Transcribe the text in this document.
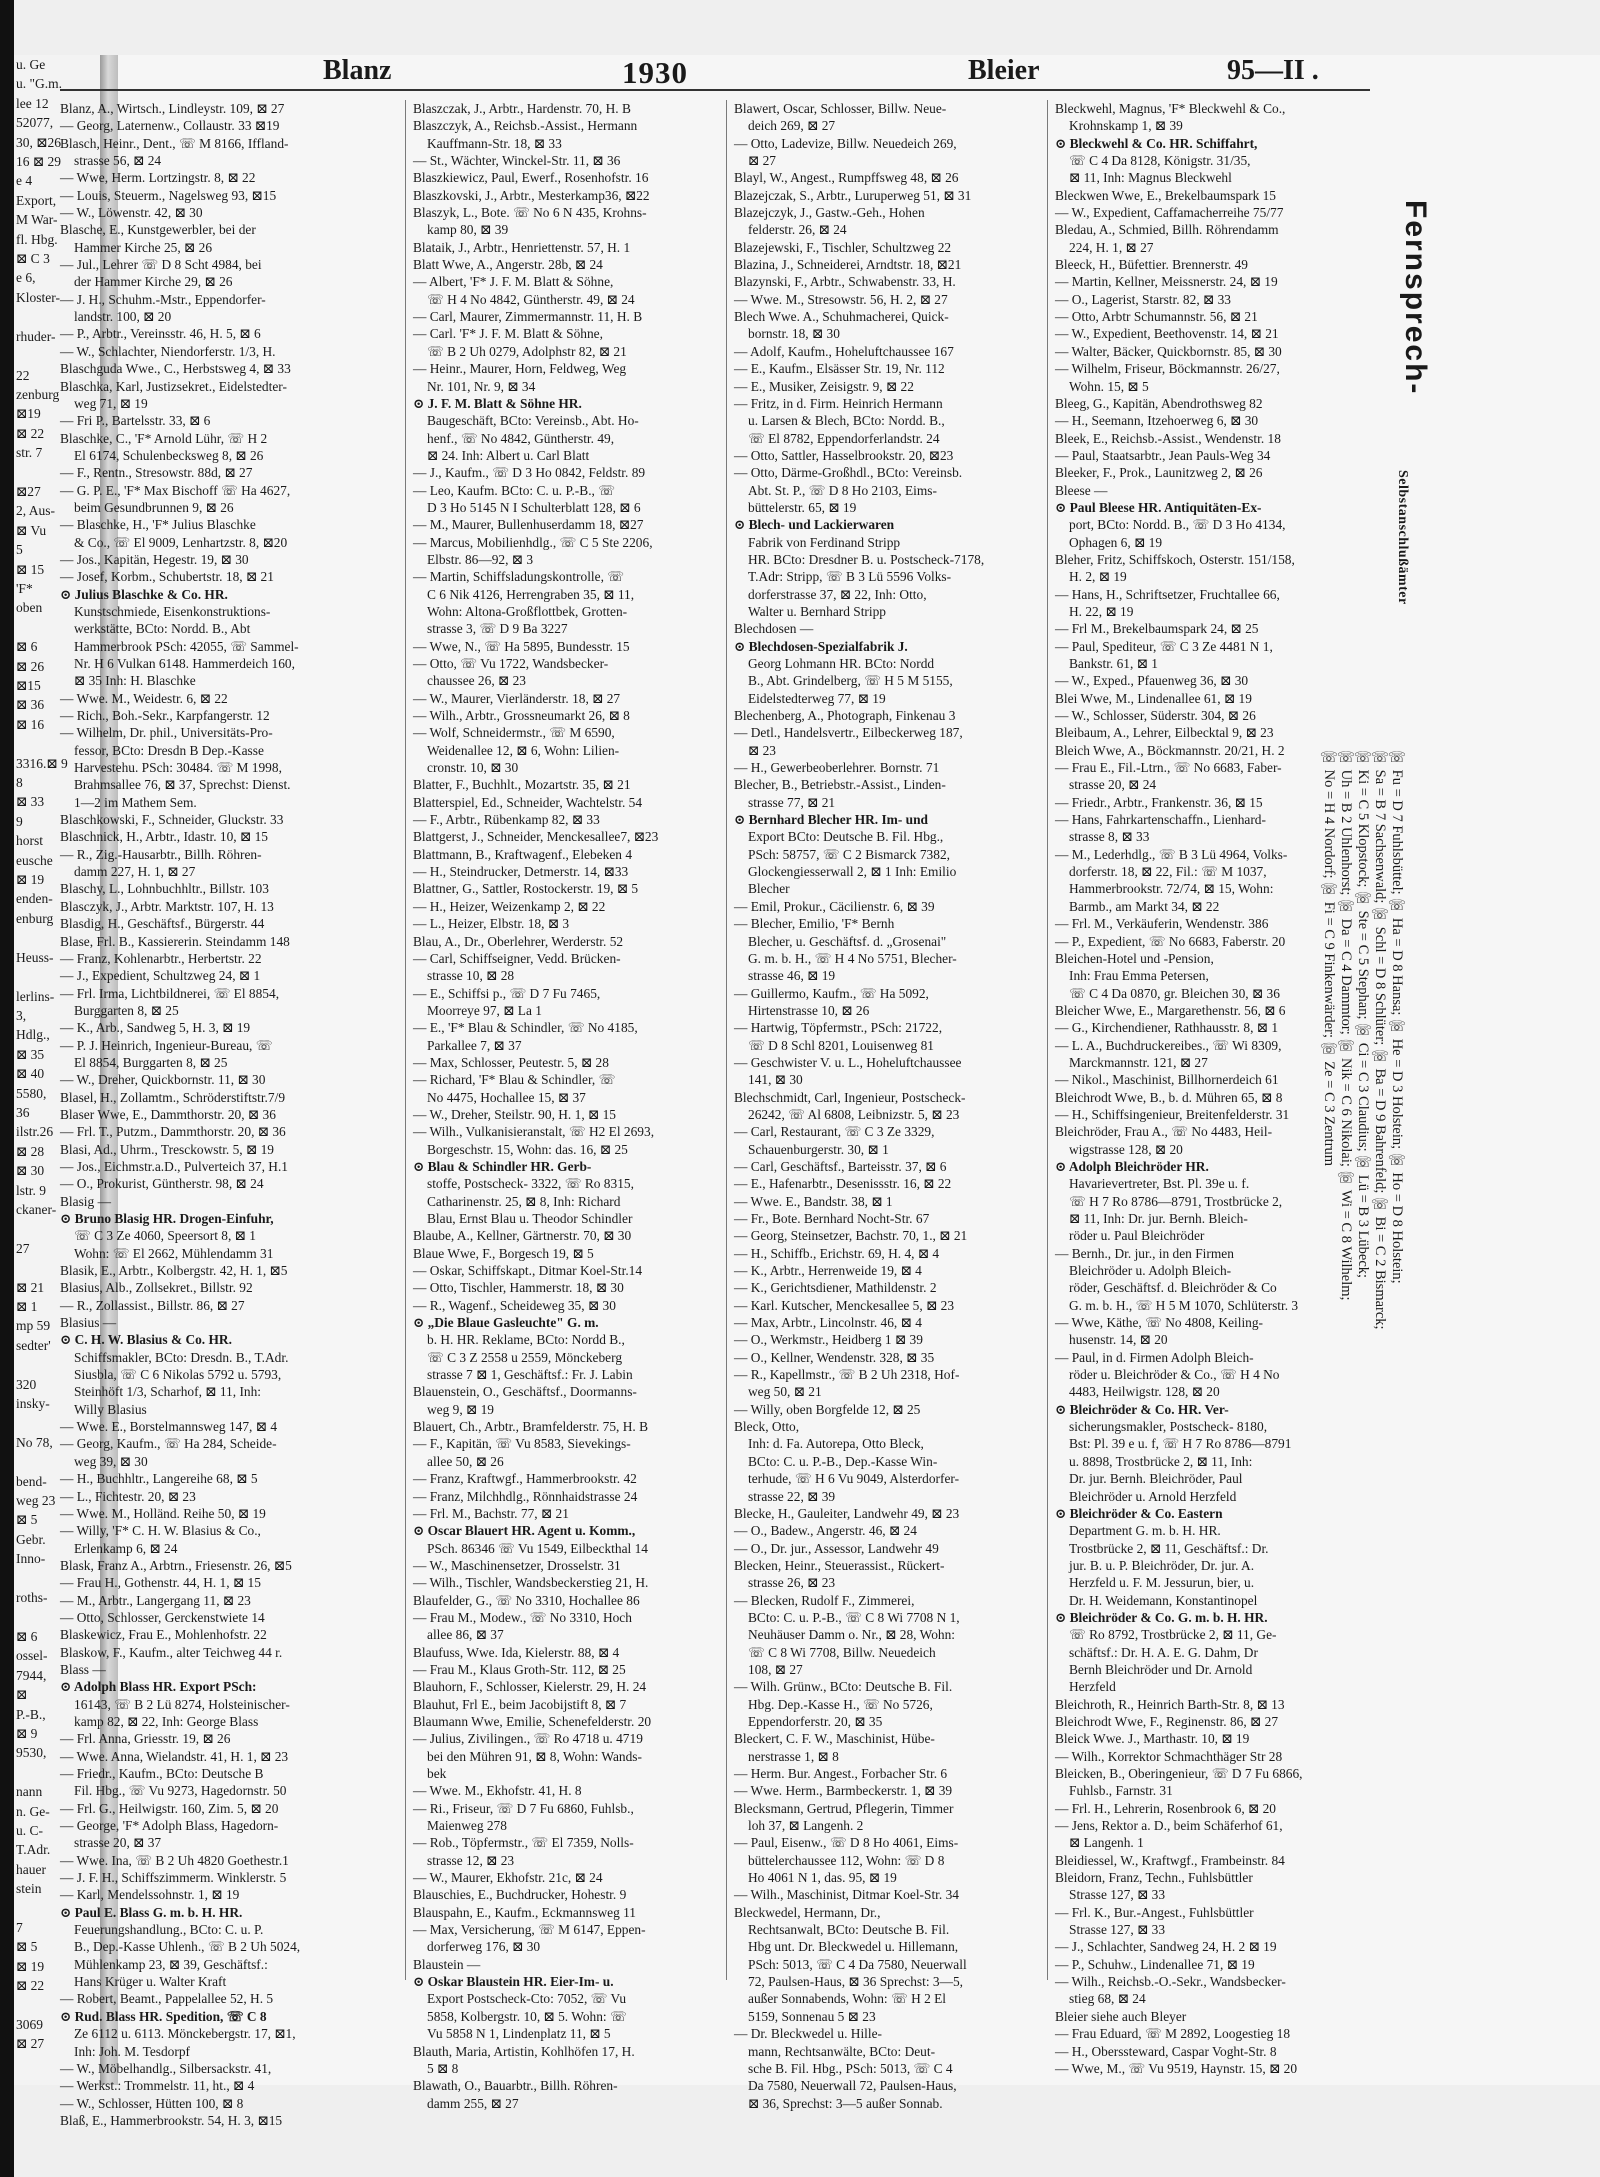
u. Ge
u. "G.m.
lee 12
52077,
30, ⊠26
16 ⊠ 29
e 4
Export,
M War-
fl. Hbg.
⊠ C 3
e 6,
Kloster-

rhuder-

22
zenburg
⊠19
⊠ 22
str. 7

⊠27
2, Aus-
⊠ Vu
5
⊠ 15
'F*
oben

⊠ 6
⊠ 26
⊠15
⊠ 36
⊠ 16

3316.⊠ 9
8
⊠ 33
9
horst
eusche
⊠ 19
enden-
enburg

Heuss-

lerlins-
3,
Hdlg.,
⊠ 35
⊠ 40
5580,
36
ilstr.26
⊠ 28
⊠ 30
lstr. 9
ckaner-

27

⊠ 21
⊠ 1
mp 59
sedter'

320
insky-

No 78,

bend-
weg 23
⊠ 5
Gebr.
Inno-

roths-

⊠ 6
ossel-
7944,
⊠
P.-B.,
⊠ 9
9530,

nann
n. Ge-
u. C-
T.Adr.
hauer
stein

7
⊠ 5
⊠ 19
⊠ 22

3069
⊠ 27
Blanz	1930	Bleier	95—II .
Blanz, A., Wirtsch., Lindleystr. 109, ⊠ 27
— Georg, Laternenw., Collaustr. 33 ⊠19
Blasch, Heinr., Dent., ☏ M 8166, Iffland-
strasse 56, ⊠ 24
— Wwe, Herm. Lortzingstr. 8, ⊠ 22
— Louis, Steuerm., Nagelsweg 93, ⊠15
— W., Löwenstr. 42, ⊠ 30
Blasche, E., Kunstgewerbler, bei der
Hammer Kirche 25, ⊠ 26
— Jul., Lehrer ☏ D 8 Scht 4984, bei
der Hammer Kirche 29, ⊠ 26
— J. H., Schuhm.-Mstr., Eppendorfer-
landstr. 100, ⊠ 20
— P., Arbtr., Vereinsstr. 46, H. 5, ⊠ 6
— W., Schlachter, Niendorferstr. 1/3, H.
Blaschguda Wwe., C., Herbstsweg 4, ⊠ 33
Blaschka, Karl, Justizsekret., Eidelstedter-
weg 71, ⊠ 19
— Fri P., Bartelsstr. 33, ⊠ 6
Blaschke, C., 'F* Arnold Lühr, ☏ H 2
El 6174, Schulenbecksweg 8, ⊠ 26
— F., Rentn., Stresowstr. 88d, ⊠ 27
— G. P. E., 'F* Max Bischoff ☏ Ha 4627,
beim Gesundbrunnen 9, ⊠ 26
— Blaschke, H., 'F* Julius Blaschke
& Co., ☏ El 9009, Lenhartzstr. 8, ⊠20
— Jos., Kapitän, Hegestr. 19, ⊠ 30
— Josef, Korbm., Schubertstr. 18, ⊠ 21
⊙ Julius Blaschke & Co. HR.
Kunstschmiede, Eisenkonstruktions-
werkstätte, BCto: Nordd. B., Abt
Hammerbrook PSch: 42055, ☏ Sammel-
Nr. H 6 Vulkan 6148. Hammerdeich 160,
⊠ 35 Inh: H. Blaschke
— Wwe. M., Weidestr. 6, ⊠ 22
— Rich., Boh.-Sekr., Karpfangerstr. 12
— Wilhelm, Dr. phil., Universitäts-Pro-
fessor, BCto: Dresdn B Dep.-Kasse
Harvestehu. PSch: 30484. ☏ M 1998,
Brahmsallee 76, ⊠ 37, Sprechst: Dienst.
1—2 im Mathem Sem.
Blaschkowski, F., Schneider, Gluckstr. 33
Blaschnick, H., Arbtr., Idastr. 10, ⊠ 15
— R., Zig.-Hausarbtr., Billh. Röhren-
damm 227, H. 1, ⊠ 27
Blaschy, L., Lohnbuchhltr., Billstr. 103
Blasczyk, J., Arbtr. Marktstr. 107, H. 13
Blasdig, H., Geschäftsf., Bürgerstr. 44
Blase, Frl. B., Kassiererin. Steindamm 148
— Franz, Kohlenarbtr., Herbertstr. 22
— J., Expedient, Schultzweg 24, ⊠ 1
— Frl. Irma, Lichtbildnerei, ☏ El 8854,
Burggarten 8, ⊠ 25
— K., Arb., Sandweg 5, H. 3, ⊠ 19
— P. J. Heinrich, Ingenieur-Bureau, ☏
El 8854, Burggarten 8, ⊠ 25
— W., Dreher, Quickbornstr. 11, ⊠ 30
Blasel, H., Zollamtm., Schröderstiftstr.7/9
Blaser Wwe, E., Dammthorstr. 20, ⊠ 36
— Frl. T., Putzm., Dammthorstr. 20, ⊠ 36
Blasi, Ad., Uhrm., Tresckowstr. 5, ⊠ 19
— Jos., Eichmstr.a.D., Pulverteich 37, H.1
— O., Prokurist, Güntherstr. 98, ⊠ 24
Blasig —
⊙ Bruno Blasig HR. Drogen-Einfuhr,
☏ C 3 Ze 4060, Speersort 8, ⊠ 1
Wohn: ☏ El 2662, Mühlendamm 31
Blasik, E., Arbtr., Kolbergstr. 42, H. 1, ⊠5
Blasius, Alb., Zollsekret., Billstr. 92
— R., Zollassist., Billstr. 86, ⊠ 27
Blasius —
⊙ C. H. W. Blasius & Co. HR.
Schiffsmakler, BCto: Dresdn. B., T.Adr.
Siusbla, ☏ C 6 Nikolas 5792 u. 5793,
Steinhöft 1/3, Scharhof, ⊠ 11, Inh:
Willy Blasius
— Wwe. E., Borstelmannsweg 147, ⊠ 4
— Georg, Kaufm., ☏ Ha 284, Scheide-
weg 39, ⊠ 30
— H., Buchhltr., Langereihe 68, ⊠ 5
— L., Fichtestr. 20, ⊠ 23
— Wwe. M., Holländ. Reihe 50, ⊠ 19
— Willy, 'F* C. H. W. Blasius & Co.,
Erlenkamp 6, ⊠ 24
Blask, Franz A., Arbtrn., Friesenstr. 26, ⊠5
— Frau H., Gothenstr. 44, H. 1, ⊠ 15
— M., Arbtr., Langergang 11, ⊠ 23
— Otto, Schlosser, Gerckenstwiete 14
Blaskewicz, Frau E., Mohlenhofstr. 22
Blaskow, F., Kaufm., alter Teichweg 44 r.
Blass —
⊙ Adolph Blass HR. Export PSch:
16143, ☏ B 2 Lü 8274, Holsteinischer-
kamp 82, ⊠ 22, Inh: George Blass
— Frl. Anna, Griesstr. 19, ⊠ 26
— Wwe. Anna, Wielandstr. 41, H. 1, ⊠ 23
— Friedr., Kaufm., BCto: Deutsche B
Fil. Hbg., ☏ Vu 9273, Hagedornstr. 50
— Frl. G., Heilwigstr. 160, Zim. 5, ⊠ 20
— George, 'F* Adolph Blass, Hagedorn-
strasse 20, ⊠ 37
— Wwe. Ina, ☏ B 2 Uh 4820 Goethestr.1
— J. F. H., Schiffszimmerm. Winklerstr. 5
— Karl, Mendelssohnstr. 1, ⊠ 19
⊙ Paul E. Blass G. m. b. H. HR.
Feuerungshandlung., BCto: C. u. P.
B., Dep.-Kasse Uhlenh., ☏ B 2 Uh 5024,
Mühlenkamp 23, ⊠ 39, Geschäftsf.:
Hans Krüger u. Walter Kraft
— Robert, Beamt., Pappelallee 52, H. 5
⊙ Rud. Blass HR. Spedition, ☏ C 8
Ze 6112 u. 6113. Mönckebergstr. 17, ⊠1,
Inh: Joh. M. Tesdorpf
— W., Möbelhandlg., Silbersackstr. 41,
— Werkst.: Trommelstr. 11, ht., ⊠ 4
— W., Schlosser, Hütten 100, ⊠ 8
Blaß, E., Hammerbrookstr. 54, H. 3, ⊠15
Blaszczak, J., Arbtr., Hardenstr. 70, H. B
Blaszczyk, A., Reichsb.-Assist., Hermann
Kauffmann-Str. 18, ⊠ 33
— St., Wächter, Winckel-Str. 11, ⊠ 36
Blaszkiewicz, Paul, Ewerf., Rosenhofstr. 16
Blaszkovski, J., Arbtr., Mesterkamp36, ⊠22
Blaszyk, L., Bote. ☏ No 6 N 435, Krohns-
kamp 80, ⊠ 39
Blataik, J., Arbtr., Henriettenstr. 57, H. 1
Blatt Wwe, A., Angerstr. 28b, ⊠ 24
— Albert, 'F* J. F. M. Blatt & Söhne,
☏ H 4 No 4842, Güntherstr. 49, ⊠ 24
— Carl, Maurer, Zimmermannstr. 11, H. B
— Carl. 'F* J. F. M. Blatt & Söhne,
☏ B 2 Uh 0279, Adolphstr 82, ⊠ 21
— Heinr., Maurer, Horn, Feldweg, Weg
Nr. 101, Nr. 9, ⊠ 34
⊙ J. F. M. Blatt & Söhne HR.
Baugeschäft, BCto: Vereinsb., Abt. Ho-
henf., ☏ No 4842, Güntherstr. 49,
⊠ 24. Inh: Albert u. Carl Blatt
— J., Kaufm., ☏ D 3 Ho 0842, Feldstr. 89
— Leo, Kaufm. BCto: C. u. P.-B., ☏
D 3 Ho 5145 N I Schulterblatt 128, ⊠ 6
— M., Maurer, Bullenhuserdamm 18, ⊠27
— Marcus, Mobilienhdlg., ☏ C 5 Ste 2206,
Elbstr. 86—92, ⊠ 3
— Martin, Schiffsladungskontrolle, ☏
C 6 Nik 4126, Herrengraben 35, ⊠ 11,
Wohn: Altona-Großflottbek, Grotten-
strasse 3, ☏ D 9 Ba 3227
— Wwe, N., ☏ Ha 5895, Bundesstr. 15
— Otto, ☏ Vu 1722, Wandsbecker-
chaussee 26, ⊠ 23
— W., Maurer, Vierländerstr. 18, ⊠ 27
— Wilh., Arbtr., Grossneumarkt 26, ⊠ 8
— Wolf, Schneidermstr., ☏ M 6590,
Weidenallee 12, ⊠ 6, Wohn: Lilien-
cronstr. 10, ⊠ 30
Blatter, F., Buchhlt., Mozartstr. 35, ⊠ 21
Blatterspiel, Ed., Schneider, Wachtelstr. 54
— F., Arbtr., Rübenkamp 82, ⊠ 33
Blattgerst, J., Schneider, Menckesallee7, ⊠23
Blattmann, B., Kraftwagenf., Elebeken 4
— H., Steindrucker, Detmerstr. 14, ⊠33
Blattner, G., Sattler, Rostockerstr. 19, ⊠ 5
— H., Heizer, Weizenkamp 2, ⊠ 22
— L., Heizer, Elbstr. 18, ⊠ 3
Blau, A., Dr., Oberlehrer, Werderstr. 52
— Carl, Schiffseigner, Vedd. Brücken-
strasse 10, ⊠ 28
— E., Schiffsi p., ☏ D 7 Fu 7465,
Moorreye 97, ⊠ La 1
— E., 'F* Blau & Schindler, ☏ No 4185,
Parkallee 7, ⊠ 37
— Max, Schlosser, Peutestr. 5, ⊠ 28
— Richard, 'F* Blau & Schindler, ☏
No 4475, Hochallee 15, ⊠ 37
— W., Dreher, Steilstr. 90, H. 1, ⊠ 15
— Wilh., Vulkanisieranstalt, ☏ H2 El 2693,
Borgeschstr. 15, Wohn: das. 16, ⊠ 25
⊙ Blau & Schindler HR. Gerb-
stoffe, Postscheck- 3322, ☏ Ro 8315,
Catharinenstr. 25, ⊠ 8, Inh: Richard
Blau, Ernst Blau u. Theodor Schindler
Blaube, A., Kellner, Gärtnerstr. 70, ⊠ 30
Blaue Wwe, F., Borgesch 19, ⊠ 5
— Oskar, Schiffskapt., Ditmar Koel-Str.14
— Otto, Tischler, Hammerstr. 18, ⊠ 30
— R., Wagenf., Scheideweg 35, ⊠ 30
⊙ „Die Blaue Gasleuchte" G. m.
b. H. HR. Reklame, BCto: Nordd B.,
☏ C 3 Z 2558 u 2559, Mönckeberg
strasse 7 ⊠ 1, Geschäftsf.: Fr. J. Labin
Blauenstein, O., Geschäftsf., Doormanns-
weg 9, ⊠ 19
Blauert, Ch., Arbtr., Bramfelderstr. 75, H. B
— F., Kapitän, ☏ Vu 8583, Sievekings-
allee 50, ⊠ 26
— Franz, Kraftwgf., Hammerbrookstr. 42
— Franz, Milchhdlg., Rönnhaidstrasse 24
— Frl. M., Bachstr. 77, ⊠ 21
⊙ Oscar Blauert HR. Agent u. Komm.,
PSch. 86346 ☏ Vu 1549, Eilbeckthal 14
— W., Maschinensetzer, Drosselstr. 31
— Wilh., Tischler, Wandsbeckerstieg 21, H.
Blaufelder, G., ☏ No 3310, Hochallee 86
— Frau M., Modew., ☏ No 3310, Hoch
allee 86, ⊠ 37
Blaufuss, Wwe. Ida, Kielerstr. 88, ⊠ 4
— Frau M., Klaus Groth-Str. 112, ⊠ 25
Blauhorn, F., Schlosser, Kielerstr. 29, H. 24
Blauhut, Frl E., beim Jacobijstift 8, ⊠ 7
Blaumann Wwe, Emilie, Schenefelderstr. 20
— Julius, Zivilingen., ☏ Ro 4718 u. 4719
bei den Mühren 91, ⊠ 8, Wohn: Wands-
bek
— Wwe. M., Ekhofstr. 41, H. 8
— Ri., Friseur, ☏ D 7 Fu 6860, Fuhlsb.,
Maienweg 278
— Rob., Töpfermstr., ☏ El 7359, Nolls-
strasse 12, ⊠ 23
— W., Maurer, Ekhofstr. 21c, ⊠ 24
Blauschies, E., Buchdrucker, Hohestr. 9
Blauspahn, E., Kaufm., Eckmannsweg 11
— Max, Versicherung, ☏ M 6147, Eppen-
dorferweg 176, ⊠ 30
Blaustein —
⊙ Oskar Blaustein HR. Eier-Im- u.
Export Postscheck-Cto: 7052, ☏ Vu
5858, Kolbergstr. 10, ⊠ 5. Wohn: ☏
Vu 5858 N 1, Lindenplatz 11, ⊠ 5
Blauth, Maria, Artistin, Kohlhöfen 17, H.
5 ⊠ 8
Blawath, O., Bauarbtr., Billh. Röhren-
damm 255, ⊠ 27
Blawert, Oscar, Schlosser, Billw. Neue-
deich 269, ⊠ 27
— Otto, Ladevize, Billw. Neuedeich 269,
⊠ 27
Blayl, W., Angest., Rumpffsweg 48, ⊠ 26
Blazejczak, S., Arbtr., Luruperweg 51, ⊠ 31
Blazejczyk, J., Gastw.-Geh., Hohen
felderstr. 26, ⊠ 24
Blazejewski, F., Tischler, Schultzweg 22
Blazina, J., Schneiderei, Arndtstr. 18, ⊠21
Blazynski, F., Arbtr., Schwabenstr. 33, H.
— Wwe. M., Stresowstr. 56, H. 2, ⊠ 27
Blech Wwe. A., Schuhmacherei, Quick-
bornstr. 18, ⊠ 30
— Adolf, Kaufm., Hoheluftchaussee 167
— E., Kaufm., Elsässer Str. 19, Nr. 112
— E., Musiker, Zeisigstr. 9, ⊠ 22
— Fritz, in d. Firm. Heinrich Hermann
u. Larsen & Blech, BCto: Nordd. B.,
☏ El 8782, Eppendorferlandstr. 24
— Otto, Sattler, Hasselbrookstr. 20, ⊠23
— Otto, Därme-Großhdl., BCto: Vereinsb.
Abt. St. P., ☏ D 8 Ho 2103, Eims-
büttelerstr. 65, ⊠ 19
⊙ Blech- und Lackierwaren
Fabrik von Ferdinand Stripp
HR. BCto: Dresdner B. u. Postscheck-7178,
T.Adr: Stripp, ☏ B 3 Lü 5596 Volks-
dorferstrasse 37, ⊠ 22, Inh: Otto,
Walter u. Bernhard Stripp
Blechdosen —
⊙ Blechdosen-Spezialfabrik J.
Georg Lohmann HR. BCto: Nordd
B., Abt. Grindelberg, ☏ H 5 M 5155,
Eidelstedterweg 77, ⊠ 19
Blechenberg, A., Photograph, Finkenau 3
— Detl., Handelsvertr., Eilbeckerweg 187,
⊠ 23
— H., Gewerbeoberlehrer. Bornstr. 71
Blecher, B., Betriebstr.-Assist., Linden-
strasse 77, ⊠ 21
⊙ Bernhard Blecher HR. Im- und
Export BCto: Deutsche B. Fil. Hbg.,
PSch: 58757, ☏ C 2 Bismarck 7382,
Glockengiesserwall 2, ⊠ 1 Inh: Emilio
Blecher
— Emil, Prokur., Cäcilienstr. 6, ⊠ 39
— Blecher, Emilio, 'F* Bernh
Blecher, u. Geschäftsf. d. „Grosenai"
G. m. b. H., ☏ H 4 No 5751, Blecher-
strasse 46, ⊠ 19
— Guillermo, Kaufm., ☏ Ha 5092,
Hirtenstrasse 10, ⊠ 26
— Hartwig, Töpfermstr., PSch: 21722,
☏ D 8 Schl 8201, Louisenweg 81
— Geschwister V. u. L., Hoheluftchaussee
141, ⊠ 30
Blechschmidt, Carl, Ingenieur, Postscheck-
26242, ☏ Al 6808, Leibnizstr. 5, ⊠ 23
— Carl, Restaurant, ☏ C 3 Ze 3329,
Schauenburgerstr. 30, ⊠ 1
— Carl, Geschäftsf., Barteisstr. 37, ⊠ 6
— E., Hafenarbtr., Desenissstr. 16, ⊠ 22
— Wwe. E., Bandstr. 38, ⊠ 1
— Fr., Bote. Bernhard Nocht-Str. 67
— Georg, Steinsetzer, Bachstr. 70, 1., ⊠ 21
— H., Schiffb., Erichstr. 69, H. 4, ⊠ 4
— K., Arbtr., Herrenweide 19, ⊠ 4
— K., Gerichtsdiener, Mathildenstr. 2
— Karl. Kutscher, Menckesallee 5, ⊠ 23
— Max, Arbtr., Lincolnstr. 46, ⊠ 4
— O., Werkmstr., Heidberg 1 ⊠ 39
— O., Kellner, Wendenstr. 328, ⊠ 35
— R., Kapellmstr., ☏ B 2 Uh 2318, Hof-
weg 50, ⊠ 21
— Willy, oben Borgfelde 12, ⊠ 25
Bleck, Otto,
Inh: d. Fa. Autorepa, Otto Bleck,
BCto: C. u. P.-B., Dep.-Kasse Win-
terhude, ☏ H 6 Vu 9049, Alsterdorfer-
strasse 22, ⊠ 39
Blecke, H., Gauleiter, Landwehr 49, ⊠ 23
— O., Badew., Angerstr. 46, ⊠ 24
— O., Dr. jur., Assessor, Landwehr 49
Blecken, Heinr., Steuerassist., Rückert-
strasse 26, ⊠ 23
— Blecken, Rudolf F., Zimmerei,
BCto: C. u. P.-B., ☏ C 8 Wi 7708 N 1,
Neuhäuser Damm o. Nr., ⊠ 28, Wohn:
☏ C 8 Wi 7708, Billw. Neuedeich
108, ⊠ 27
— Wilh. Grünw., BCto: Deutsche B. Fil.
Hbg. Dep.-Kasse H., ☏ No 5726,
Eppendorferstr. 20, ⊠ 35
Bleckert, C. F. W., Maschinist, Hübe-
nerstrasse 1, ⊠ 8
— Herm. Bur. Angest., Forbacher Str. 6
— Wwe. Herm., Barmbeckerstr. 1, ⊠ 39
Blecksmann, Gertrud, Pflegerin, Timmer
loh 37, ⊠ Langenh. 2
— Paul, Eisenw., ☏ D 8 Ho 4061, Eims-
büttelerchaussee 112, Wohn: ☏ D 8
Ho 4061 N 1, das. 95, ⊠ 19
— Wilh., Maschinist, Ditmar Koel-Str. 34
Bleckwedel, Hermann, Dr.,
Rechtsanwalt, BCto: Deutsche B. Fil.
Hbg unt. Dr. Bleckwedel u. Hillemann,
PSch: 5013, ☏ C 4 Da 7580, Neuerwall
72, Paulsen-Haus, ⊠ 36 Sprechst: 3—5,
außer Sonnabends, Wohn: ☏ H 2 El
5159, Sonnenau 5 ⊠ 23
— Dr. Bleckwedel u. Hille-
mann, Rechtsanwälte, BCto: Deut-
sche B. Fil. Hbg., PSch: 5013, ☏ C 4
Da 7580, Neuerwall 72, Paulsen-Haus,
⊠ 36, Sprechst: 3—5 außer Sonnab.
Bleckwehl, Magnus, 'F* Bleckwehl & Co.,
Krohnskamp 1, ⊠ 39
⊙ Bleckwehl & Co. HR. Schiffahrt,
☏ C 4 Da 8128, Königstr. 31/35,
⊠ 11, Inh: Magnus Bleckwehl
Bleckwen Wwe, E., Brekelbaumspark 15
— W., Expedient, Caffamacherreihe 75/77
Bledau, A., Schmied, Billh. Röhrendamm
224, H. 1, ⊠ 27
Bleeck, H., Büfettier. Brennerstr. 49
— Martin, Kellner, Meissnerstr. 24, ⊠ 19
— O., Lagerist, Starstr. 82, ⊠ 33
— Otto, Arbtr Schumannstr. 56, ⊠ 21
— W., Expedient, Beethovenstr. 14, ⊠ 21
— Walter, Bäcker, Quickbornstr. 85, ⊠ 30
— Wilhelm, Friseur, Böckmannstr. 26/27,
Wohn. 15, ⊠ 5
Bleeg, G., Kapitän, Abendrothsweg 82
— H., Seemann, Itzehoerweg 6, ⊠ 30
Bleek, E., Reichsb.-Assist., Wendenstr. 18
— Paul, Staatsarbtr., Jean Pauls-Weg 34
Bleeker, F., Prok., Launitzweg 2, ⊠ 26
Bleese —
⊙ Paul Bleese HR. Antiquitäten-Ex-
port, BCto: Nordd. B., ☏ D 3 Ho 4134,
Ophagen 6, ⊠ 19
Bleher, Fritz, Schiffskoch, Osterstr. 151/158,
H. 2, ⊠ 19
— Hans, H., Schriftsetzer, Fruchtallee 66,
H. 22, ⊠ 19
— Frl M., Brekelbaumspark 24, ⊠ 25
— Paul, Spediteur, ☏ C 3 Ze 4481 N 1,
Bankstr. 61, ⊠ 1
— W., Exped., Pfauenweg 36, ⊠ 30
Blei Wwe, M., Lindenallee 61, ⊠ 19
— W., Schlosser, Süderstr. 304, ⊠ 26
Bleibaum, A., Lehrer, Eilbecktal 9, ⊠ 23
Bleich Wwe, A., Böckmannstr. 20/21, H. 2
— Frau E., Fil.-Ltrn., ☏ No 6683, Faber-
strasse 20, ⊠ 24
— Friedr., Arbtr., Frankenstr. 36, ⊠ 15
— Hans, Fahrkartenschaffn., Lienhard-
strasse 8, ⊠ 33
— M., Lederhdlg., ☏ B 3 Lü 4964, Volks-
dorferstr. 18, ⊠ 22, Fil.: ☏ M 1037,
Hammerbrookstr. 72/74, ⊠ 15, Wohn:
Barmb., am Markt 34, ⊠ 22
— Frl. M., Verkäuferin, Wendenstr. 386
— P., Expedient, ☏ No 6683, Faberstr. 20
Bleichen-Hotel und -Pension,
Inh: Frau Emma Petersen,
☏ C 4 Da 0870, gr. Bleichen 30, ⊠ 36
Bleicher Wwe, E., Margarethenstr. 56, ⊠ 6
— G., Kirchendiener, Rathhausstr. 8, ⊠ 1
— L. A., Buchdruckereibes., ☏ Wi 8309,
Marckmannstr. 121, ⊠ 27
— Nikol., Maschinist, Billhornerdeich 61
Bleichrodt Wwe, B., b. d. Mühren 65, ⊠ 8
— H., Schiffsingenieur, Breitenfelderstr. 31
Bleichröder, Frau A., ☏ No 4483, Heil-
wigstrasse 128, ⊠ 20
⊙ Adolph Bleichröder HR.
Havarievertreter, Bst. Pl. 39e u. f.
☏ H 7 Ro 8786—8791, Trostbrücke 2,
⊠ 11, Inh: Dr. jur. Bernh. Bleich-
röder u. Paul Bleichröder
— Bernh., Dr. jur., in den Firmen
Bleichröder u. Adolph Bleich-
röder, Geschäftsf. d. Bleichröder & Co
G. m. b. H., ☏ H 5 M 1070, Schlüterstr. 3
— Wwe, Käthe, ☏ No 4808, Keiling-
husenstr. 14, ⊠ 20
— Paul, in d. Firmen Adolph Bleich-
röder u. Bleichröder & Co., ☏ H 4 No
4483, Heilwigstr. 128, ⊠ 20
⊙ Bleichröder & Co. HR. Ver-
sicherungsmakler, Postscheck- 8180,
Bst: Pl. 39 e u. f, ☏ H 7 Ro 8786—8791
u. 8898, Trostbrücke 2, ⊠ 11, Inh:
Dr. jur. Bernh. Bleichröder, Paul
Bleichröder u. Arnold Herzfeld
⊙ Bleichröder & Co. Eastern
Department G. m. b. H. HR.
Trostbrücke 2, ⊠ 11, Geschäftsf.: Dr.
jur. B. u. P. Bleichröder, Dr. jur. A.
Herzfeld u. F. M. Jessurun, bier, u.
Dr. H. Weidemann, Konstantinopel
⊙ Bleichröder & Co. G. m. b. H. HR.
☏ Ro 8792, Trostbrücke 2, ⊠ 11, Ge-
schäftsf.: Dr. H. A. E. G. Dahm, Dr
Bernh Bleichröder und Dr. Arnold
Herzfeld
Bleichroth, R., Heinrich Barth-Str. 8, ⊠ 13
Bleichrodt Wwe, F., Reginenstr. 86, ⊠ 27
Bleick Wwe. J., Marthastr. 10, ⊠ 19
— Wilh., Korrektor Schmachthäger Str 28
Bleicken, B., Oberingenieur, ☏ D 7 Fu 6866,
Fuhlsb., Farnstr. 31
— Frl. H., Lehrerin, Rosenbrook 6, ⊠ 20
— Jens, Rektor a. D., beim Schäferhof 61,
⊠ Langenh. 1
Bleidiessel, W., Kraftwgf., Frambeinstr. 84
Bleidorn, Franz, Techn., Fuhlsbüttler
Strasse 127, ⊠ 33
— Frl. K., Bur.-Angest., Fuhlsbüttler
Strasse 127, ⊠ 33
— J., Schlachter, Sandweg 24, H. 2 ⊠ 19
— P., Schuhw., Lindenallee 71, ⊠ 19
— Wilh., Reichsb.-O.-Sekr., Wandsbecker-
stieg 68, ⊠ 24
Bleier siehe auch Bleyer
— Frau Eduard, ☏ M 2892, Loogestieg 18
— H., Oberssteward, Caspar Voght-Str. 8
— Wwe, M., ☏ Vu 9519, Haynstr. 15, ⊠ 20
Fernsprech-
Selbstanschlußämter
☏ Fu = D 7 Fuhlsbüttel; ☏ Ha = D 8 Hansa; ☏ He = D 3 Holstein; ☏ Ho = D 8 Holstein;
☏ Sa = B 7 Sachsenwald; ☏ Schl = D 8 Schlüter; ☏ Ba = D 9 Bahrenfeld; ☏ Bi = C 2 Bismarck;
☏ Ki = C 5 Klopstock; ☏ Ste = C 5 Stephan; ☏ Ci = C 3 Claudius; ☏ Lü = B 3 Lübeck;
☏ Uh = B 2 Uhlenhorst; ☏ Da = C 4 Dammtor; ☏ Nik = C 6 Nikolai; ☏ Wi = C 8 Wilhelm;
☏ No = H 4 Nordorf; ☏ Fi = C 9 Finkenwärder; ☏ Ze = C 3 Zentrum
